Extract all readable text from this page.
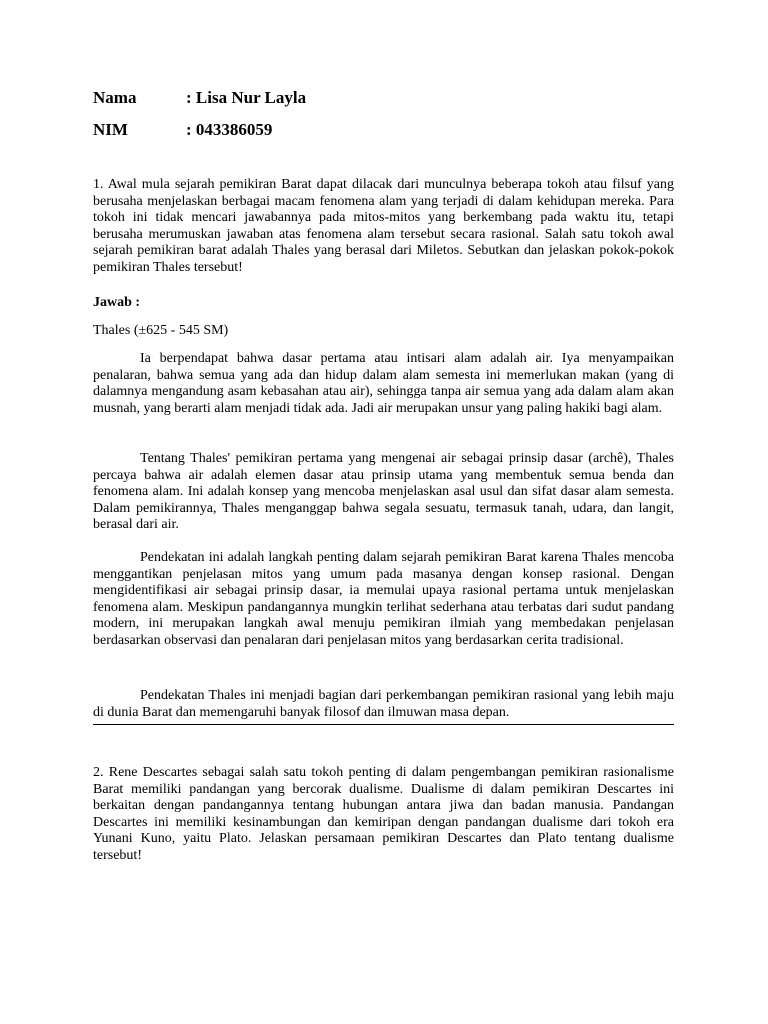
Nama	: Lisa Nur Layla
NIM	: 043386059

1. Awal mula sejarah pemikiran Barat dapat dilacak dari munculnya beberapa tokoh atau filsuf yang berusaha menjelaskan berbagai macam fenomena alam yang terjadi di dalam kehidupan mereka. Para tokoh ini tidak mencari jawabannya pada mitos-mitos yang berkembang pada waktu itu, tetapi berusaha merumuskan jawaban atas fenomena alam tersebut secara rasional. Salah satu tokoh awal sejarah pemikiran barat adalah Thales yang berasal dari Miletos. Sebutkan dan jelaskan pokok-pokok pemikiran Thales tersebut!

Jawab :

Thales (±625 - 545 SM)

Ia berpendapat bahwa dasar pertama atau intisari alam adalah air. Iya menyampaikan penalaran, bahwa semua yang ada dan hidup dalam alam semesta ini memerlukan makan (yang di dalamnya mengandung asam kebasahan atau air), sehingga tanpa air semua yang ada dalam alam akan musnah, yang berarti alam menjadi tidak ada. Jadi air merupakan unsur yang paling hakiki bagi alam.

Tentang Thales' pemikiran pertama yang mengenai air sebagai prinsip dasar (archê), Thales percaya bahwa air adalah elemen dasar atau prinsip utama yang membentuk semua benda dan fenomena alam. Ini adalah konsep yang mencoba menjelaskan asal usul dan sifat dasar alam semesta. Dalam pemikirannya, Thales menganggap bahwa segala sesuatu, termasuk tanah, udara, dan langit, berasal dari air.

Pendekatan ini adalah langkah penting dalam sejarah pemikiran Barat karena Thales mencoba menggantikan penjelasan mitos yang umum pada masanya dengan konsep rasional. Dengan mengidentifikasi air sebagai prinsip dasar, ia memulai upaya rasional pertama untuk menjelaskan fenomena alam. Meskipun pandangannya mungkin terlihat sederhana atau terbatas dari sudut pandang modern, ini merupakan langkah awal menuju pemikiran ilmiah yang membedakan penjelasan berdasarkan observasi dan penalaran dari penjelasan mitos yang berdasarkan cerita tradisional.

Pendekatan Thales ini menjadi bagian dari perkembangan pemikiran rasional yang lebih maju di dunia Barat dan memengaruhi banyak filosof dan ilmuwan masa depan.

2. Rene Descartes sebagai salah satu tokoh penting di dalam pengembangan pemikiran rasionalisme Barat memiliki pandangan yang bercorak dualisme. Dualisme di dalam pemikiran Descartes ini berkaitan dengan pandangannya tentang hubungan antara jiwa dan badan manusia. Pandangan Descartes ini memiliki kesinambungan dan kemiripan dengan pandangan dualisme dari tokoh era Yunani Kuno, yaitu Plato. Jelaskan persamaan pemikiran Descartes dan Plato tentang dualisme tersebut!
